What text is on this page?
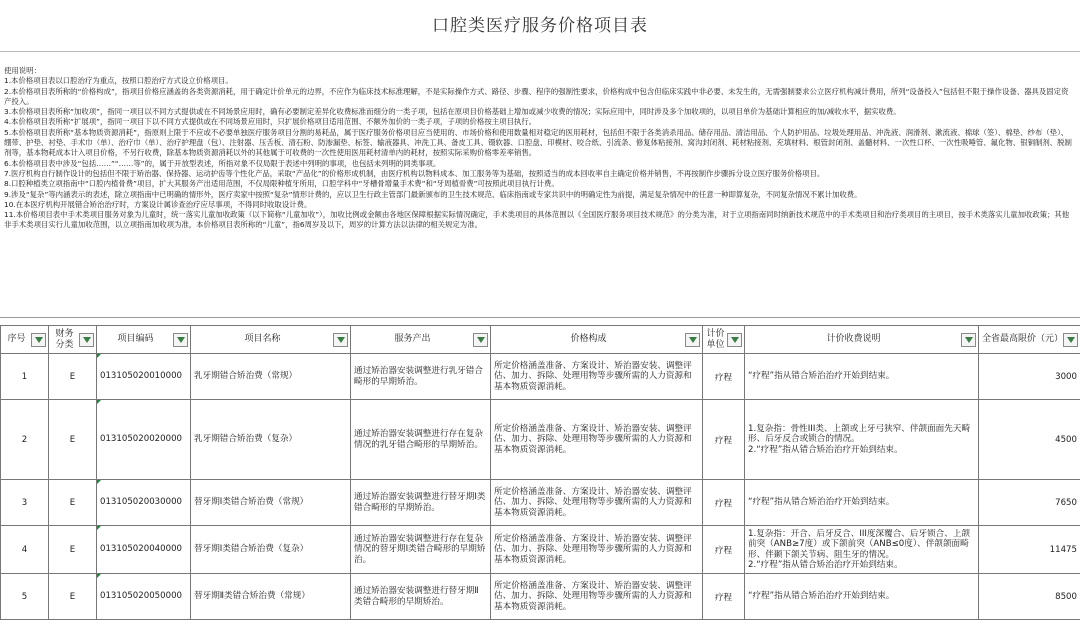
口腔类医疗服务价格项目表

使用说明：

1.本价格项目表以口腔治疗为重点，按照口腔治疗方式设立价格项目。

2.本价格项目表所称的“价格构成”，指项目价格应涵盖的各类资源消耗，用于确定计价单元的边界，不应作为临床技术标准理解，不是实际操作方式、路径、步骤、程序的强制性要求，价格构成中包含但临床实践中非必要、未发生的，无需强制要求公立医疗机构减计费用，所列“设备投入”包括但不限于操作设备、器具及固定资产投入。

3.本价格项目表所称“加收项”，指同一项目以不同方式提供或在不同场景应用时，确有必要制定差异化收费标准而细分的一类子项，包括在原项目价格基础上增加或减少收费的情况；实际应用中，同时涉及多个加收项的，以项目单价为基础计算相应的加/减收水平，据实收费。

4.本价格项目表所称“扩展项”，指同一项目下以不同方式提供或在不同场景应用时，只扩展价格项目适用范围、不额外加价的一类子项，子项的价格按主项目执行。

5.本价格项目表所称“基本物质资源消耗”，指原则上限于不应或不必要单独医疗服务项目分割的易耗品，属于医疗服务价格项目应当使用的、市场价格和使用数量相对稳定的医用耗材，包括但不限于各类消杀用品、储存用品、清洁用品、个人防护用品、垃圾处理用品、冲洗液、润滑剂、漱流液、棉球（签）、棉垫、纱布（垫）、绷带、护垫、衬垫、手术巾（单）、治疗巾（单）、治疗护理盘（包）、注射器、压舌板、清石粉、防渗漏垫、标签、输液器具、冲洗工具、备皮工具、镊软器、口腔盘、印模材、咬合纸、引流条、修复体粘接剂、窝沟封闭剂、耗材粘接剂、充填材料、根管封闭剂、盖髓材料、一次性口杯、一次性吸唾管、氟化物、银铜制剂、脱制剂等，基本物耗成本计入项目价格，不另行收费，除基本物质资源消耗以外的其他属于可收费的一次性使用医用耗材清单内的耗材，按照实际采购价格零差率销售。

6.本价格项目表中涉及“包括……”“……等”的，属于开放型表述，所指对象不仅局限于表述中列明的事项，也包括未列明的同类事项。

7.医疗机构自行制作设计的包括但不限于矫治器、保持器、运动护齿等个性化产品，采取“产品化”的价格形成机制，由医疗机构以物料成本、加工服务等为基础，按照适当的成本回收率自主确定价格并销售，不再按制作步骤拆分设立医疗服务价格项目。

8.口腔种植类立项指南中“口腔内植骨费”项目，扩大其服务产出适用范围，不仅局限种植牙所用，口腔学科中“牙槽骨增量手术费”和“牙周植骨费”可按照此项目执行计费。

9.涉及“复杂”等内涵表示的表述，除立项指南中已明确的情形外，医疗卖家中按照“复杂”情形计费的，应以卫生行政主管部门最新颁布的卫生技术规范、临床指南或专家共识中的明确定性为前提，满足复杂情况中的任意一种即算复杂，不同复杂情况不累计加收费。

10.在本医疗机构开展错合矫治治疗时，方案设计属诊查治疗应尽事项，不得同时收取设计费。

11.本价格项目表中手术类项目服务对象为儿童时，统一落实儿童加收政策（以下简称“儿童加收”），加收比例或金额由各地区保障根据实际情况确定，手术类项目的具体范围以《全国医疗服务项目技术规范》的分类为准，对于立项指南同时纳新技术规范中的手术类项目和治疗类项目的主项目，按手术类落实儿童加收政策；其他非手术类项目实行儿童加收范围，以立项指南加收项为准，本价格项目表所称的“儿童”，指6周岁及以下，周岁的计算方法以法律的相关规定为准。

序号	财务分类	项目编码	项目名称	服务产出	价格构成	计价单位	计价收费说明	全省最高限价（元）

1	E	013105020010000	乳牙期错合矫治费（常规）	通过矫治器安装调整进行乳牙错合畸形的早期矫治。	所定价格涵盖准备、方案设计、矫治器安装、调整评估、加力、拆除、处理用物等步骤所需的人力资源和基本物质资源消耗。	疗程	“疗程”指从错合矫治治疗开始到结束。	3000
2	E	013105020020000	乳牙期错合矫治费（复杂）	通过矫治器安装调整进行存在复杂情况的乳牙错合畸形的早期矫治。	所定价格涵盖准备、方案设计、矫治器安装、调整评估、加力、拆除、处理用物等步骤所需的人力资源和基本物质资源消耗。	疗程	1.复杂指：骨性III类、上颌或上牙弓狭窄、伴颌面面先天畸形、后牙反合或锁合的情况。
2.“疗程”指从错合矫治治疗开始到结束。	4500
3	E	013105020030000	替牙期Ⅰ类错合矫治费（常规）	通过矫治器安装调整进行替牙期Ⅰ类错合畸形的早期矫治。	所定价格涵盖准备、方案设计、矫治器安装、调整评估、加力、拆除、处理用物等步骤所需的人力资源和基本物质资源消耗。	疗程	“疗程”指从错合矫治治疗开始到结束。	7650
4	E	013105020040000	替牙期Ⅰ类错合矫治费（复杂）	通过矫治器安装调整进行存在复杂情况的替牙期Ⅰ类错合畸形的早期矫治。	所定价格涵盖准备、方案设计、矫治器安装、调整评估、加力、拆除、处理用物等步骤所需的人力资源和基本物质资源消耗。	疗程	1.复杂指：开合、后牙反合、III度深覆合、后牙锁合、上颌前突（ANB≥7度）或下颌前突（ANB≤0度）、伴颌颌面畸形、伴颞下颌关节病、阻生牙的情况。
2.“疗程”指从错合矫治治疗开始到结束。	11475
5	E	013105020050000	替牙期Ⅱ类错合矫治费（常规）	通过矫治器安装调整进行替牙期Ⅱ类错合畸形的早期矫治。	所定价格涵盖准备、方案设计、矫治器安装、调整评估、加力、拆除、处理用物等步骤所需的人力资源和基本物质资源消耗。	疗程	“疗程”指从错合矫治治疗开始到结束。	8500
